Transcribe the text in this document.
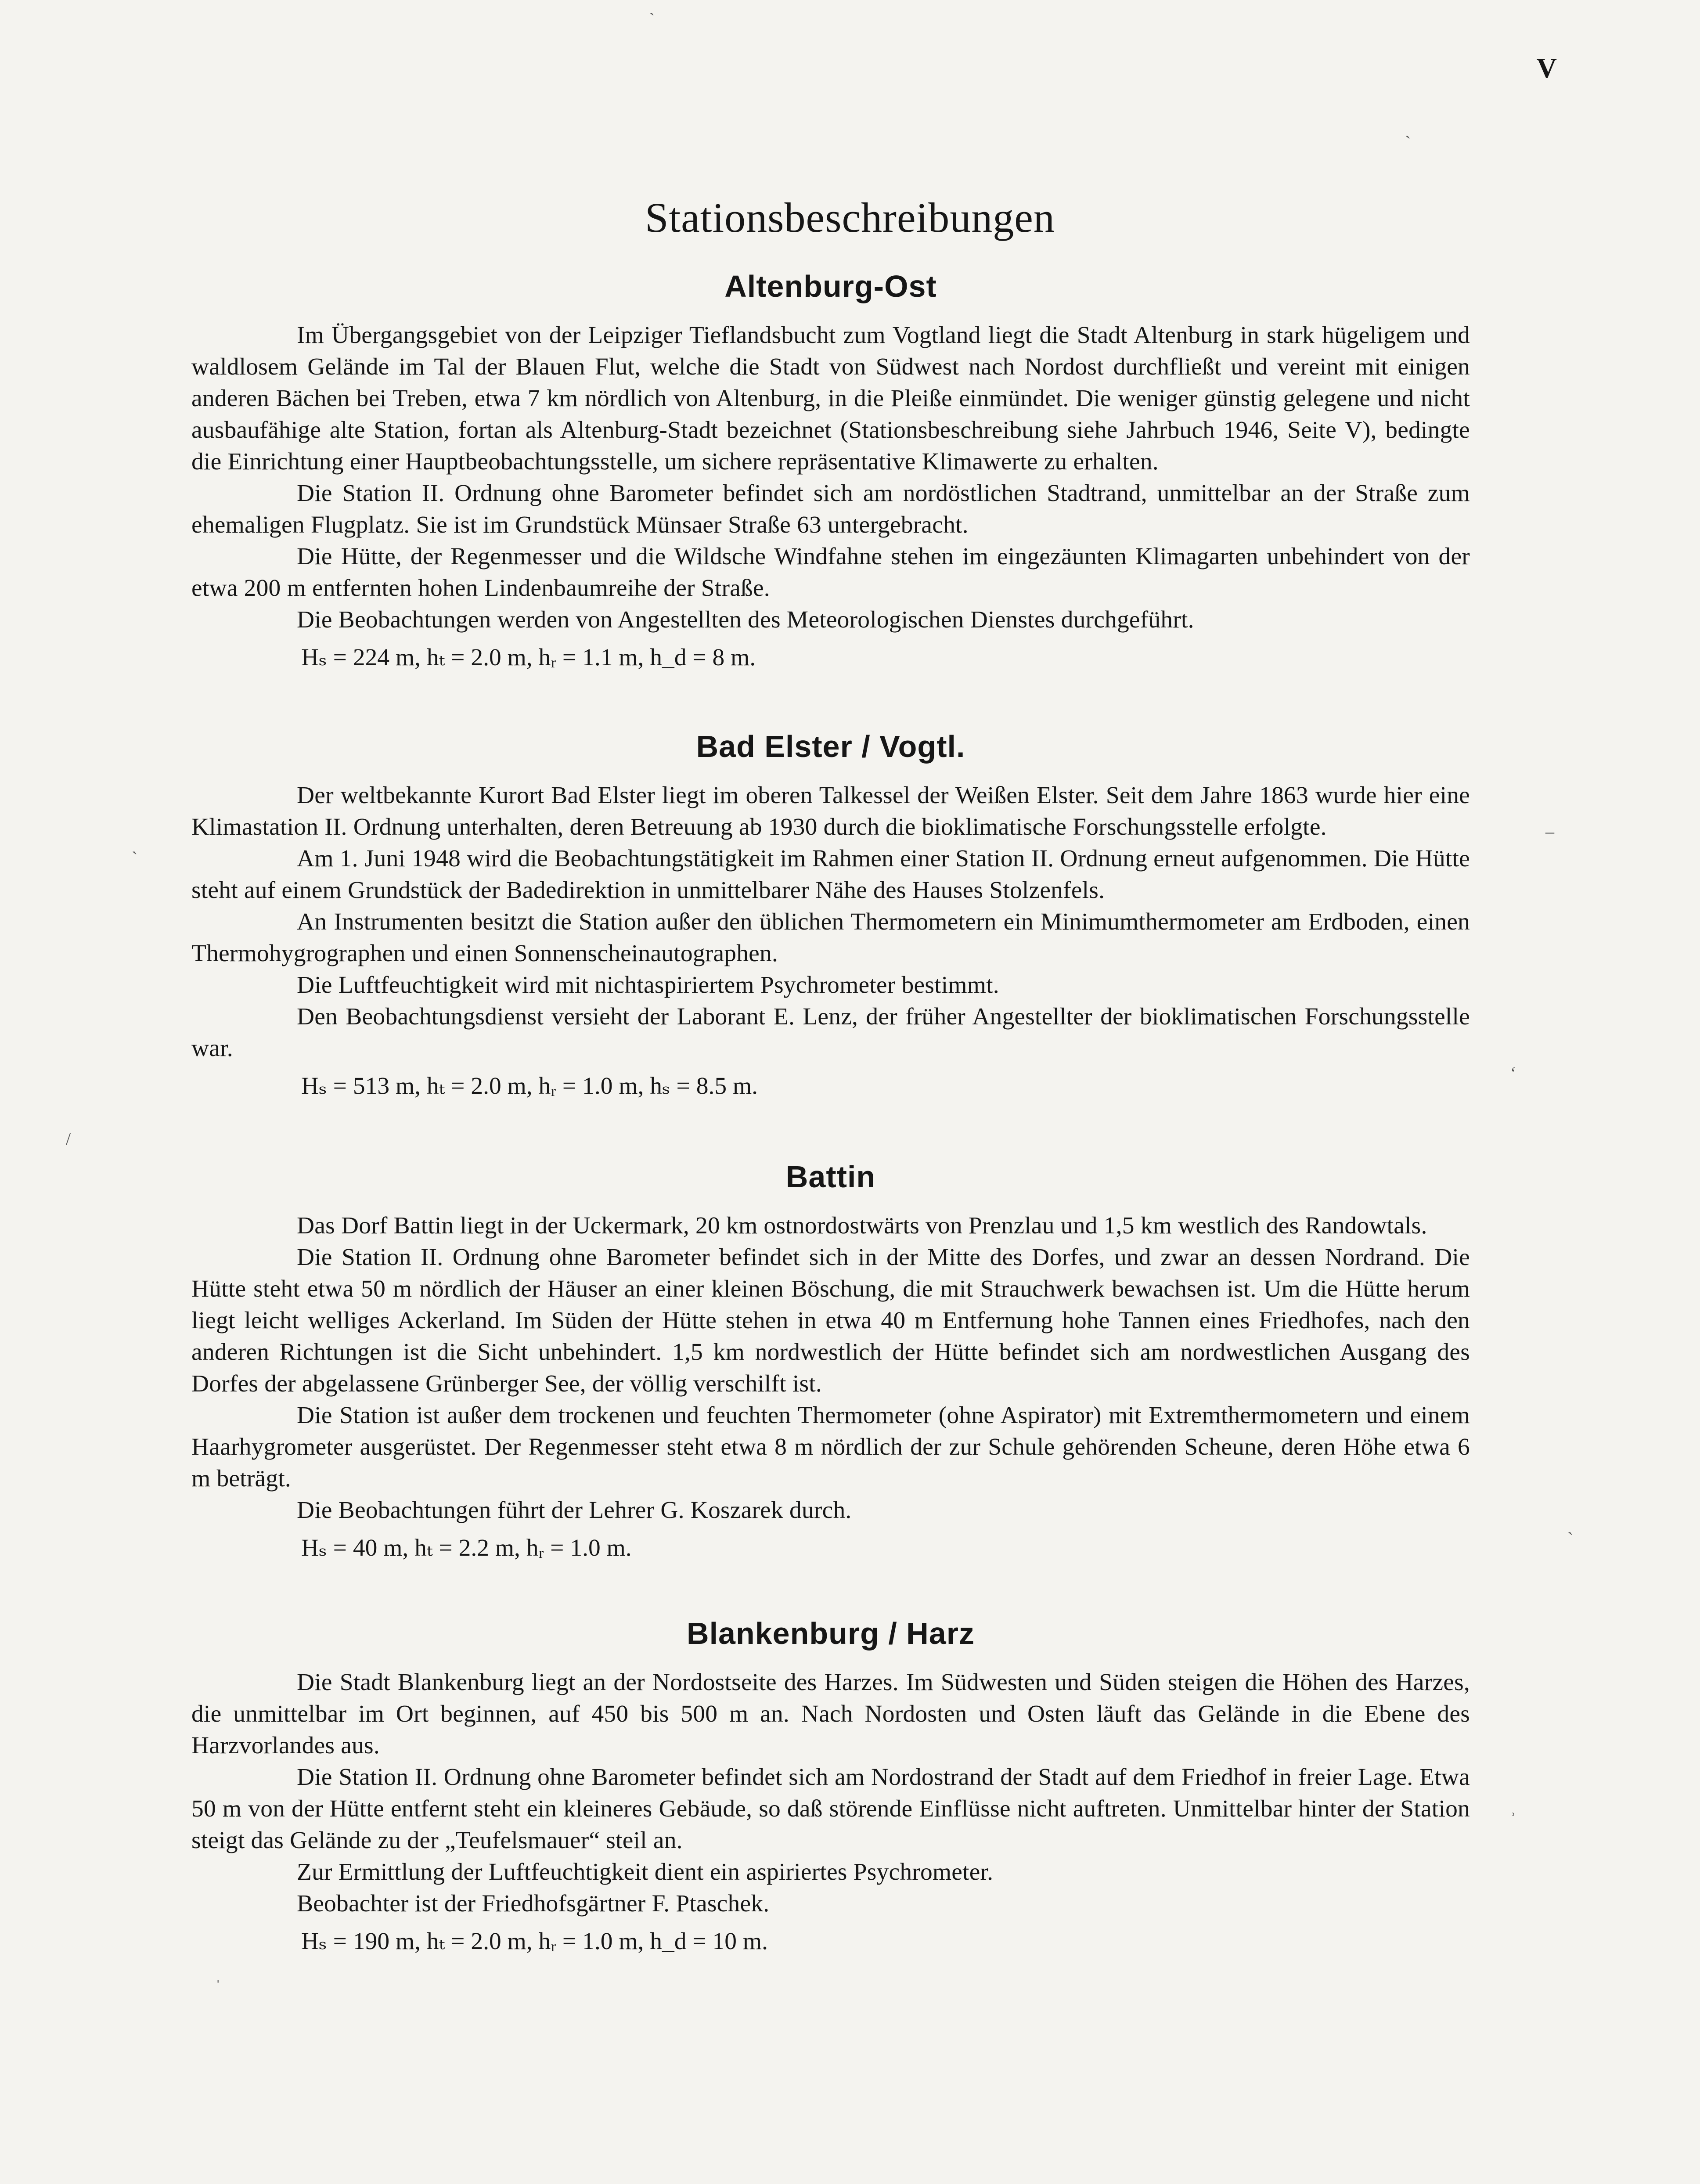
V
Stationsbeschreibungen
Altenburg-Ost

Im Übergangsgebiet von der Leipziger Tieflandsbucht zum Vogtland liegt die Stadt Altenburg in stark hügeligem und waldlosem Gelände im Tal der Blauen Flut, welche die Stadt von Südwest nach Nordost durchfließt und vereint mit einigen anderen Bächen bei Treben, etwa 7 km nördlich von Altenburg, in die Pleiße einmündet. Die weniger günstig gelegene und nicht ausbaufähige alte Station, fortan als Altenburg-Stadt bezeichnet (Stationsbeschreibung siehe Jahrbuch 1946, Seite V), bedingte die Einrichtung einer Hauptbeobachtungsstelle, um sichere repräsentative Klimawerte zu erhalten.

Die Station II. Ordnung ohne Barometer befindet sich am nordöstlichen Stadtrand, unmittelbar an der Straße zum ehemaligen Flugplatz. Sie ist im Grundstück Münsaer Straße 63 untergebracht.

Die Hütte, der Regenmesser und die Wildsche Windfahne stehen im eingezäunten Klimagarten unbehindert von der etwa 200 m entfernten hohen Lindenbaumreihe der Straße.

Die Beobachtungen werden von Angestellten des Meteorologischen Dienstes durchgeführt.

Hₛ = 224 m, hₜ = 2.0 m, hᵣ = 1.1 m, h_d = 8 m.

Bad Elster / Vogtl.

Der weltbekannte Kurort Bad Elster liegt im oberen Talkessel der Weißen Elster. Seit dem Jahre 1863 wurde hier eine Klimastation II. Ordnung unterhalten, deren Betreuung ab 1930 durch die bioklimatische Forschungsstelle erfolgte.

Am 1. Juni 1948 wird die Beobachtungstätigkeit im Rahmen einer Station II. Ordnung erneut aufgenommen. Die Hütte steht auf einem Grundstück der Badedirektion in unmittelbarer Nähe des Hauses Stolzenfels.

An Instrumenten besitzt die Station außer den üblichen Thermometern ein Minimumthermometer am Erdboden, einen Thermohygrographen und einen Sonnenscheinautographen.

Die Luftfeuchtigkeit wird mit nichtaspiriertem Psychrometer bestimmt.

Den Beobachtungsdienst versieht der Laborant E. Lenz, der früher Angestellter der bioklimatischen Forschungsstelle war.

Hₛ = 513 m, hₜ = 2.0 m, hᵣ = 1.0 m, hₛ = 8.5 m.

Battin

Das Dorf Battin liegt in der Uckermark, 20 km ostnordostwärts von Prenzlau und 1,5 km westlich des Randowtals.

Die Station II. Ordnung ohne Barometer befindet sich in der Mitte des Dorfes, und zwar an dessen Nordrand. Die Hütte steht etwa 50 m nördlich der Häuser an einer kleinen Böschung, die mit Strauchwerk bewachsen ist. Um die Hütte herum liegt leicht welliges Ackerland. Im Süden der Hütte stehen in etwa 40 m Entfernung hohe Tannen eines Friedhofes, nach den anderen Richtungen ist die Sicht unbehindert. 1,5 km nordwestlich der Hütte befindet sich am nordwestlichen Ausgang des Dorfes der abgelassene Grünberger See, der völlig verschilft ist.

Die Station ist außer dem trockenen und feuchten Thermometer (ohne Aspirator) mit Extremthermometern und einem Haarhygrometer ausgerüstet. Der Regenmesser steht etwa 8 m nördlich der zur Schule gehörenden Scheune, deren Höhe etwa 6 m beträgt.

Die Beobachtungen führt der Lehrer G. Koszarek durch.

Hₛ = 40 m, hₜ = 2.2 m, hᵣ = 1.0 m.

Blankenburg / Harz

Die Stadt Blankenburg liegt an der Nordostseite des Harzes. Im Südwesten und Süden steigen die Höhen des Harzes, die unmittelbar im Ort beginnen, auf 450 bis 500 m an. Nach Nordosten und Osten läuft das Gelände in die Ebene des Harzvorlandes aus.

Die Station II. Ordnung ohne Barometer befindet sich am Nordostrand der Stadt auf dem Friedhof in freier Lage. Etwa 50 m von der Hütte entfernt steht ein kleineres Gebäude, so daß störende Einflüsse nicht auftreten. Unmittelbar hinter der Station steigt das Gelände zu der „Teufelsmauer“ steil an.

Zur Ermittlung der Luftfeuchtigkeit dient ein aspiriertes Psychrometer.

Beobachter ist der Friedhofsgärtner F. Ptaschek.

Hₛ = 190 m, hₜ = 2.0 m, hᵣ = 1.0 m, h_d = 10 m.

ˋ
ˎ
ʻ
–
ˏ
/
ˎ
ˌ
ʾ
